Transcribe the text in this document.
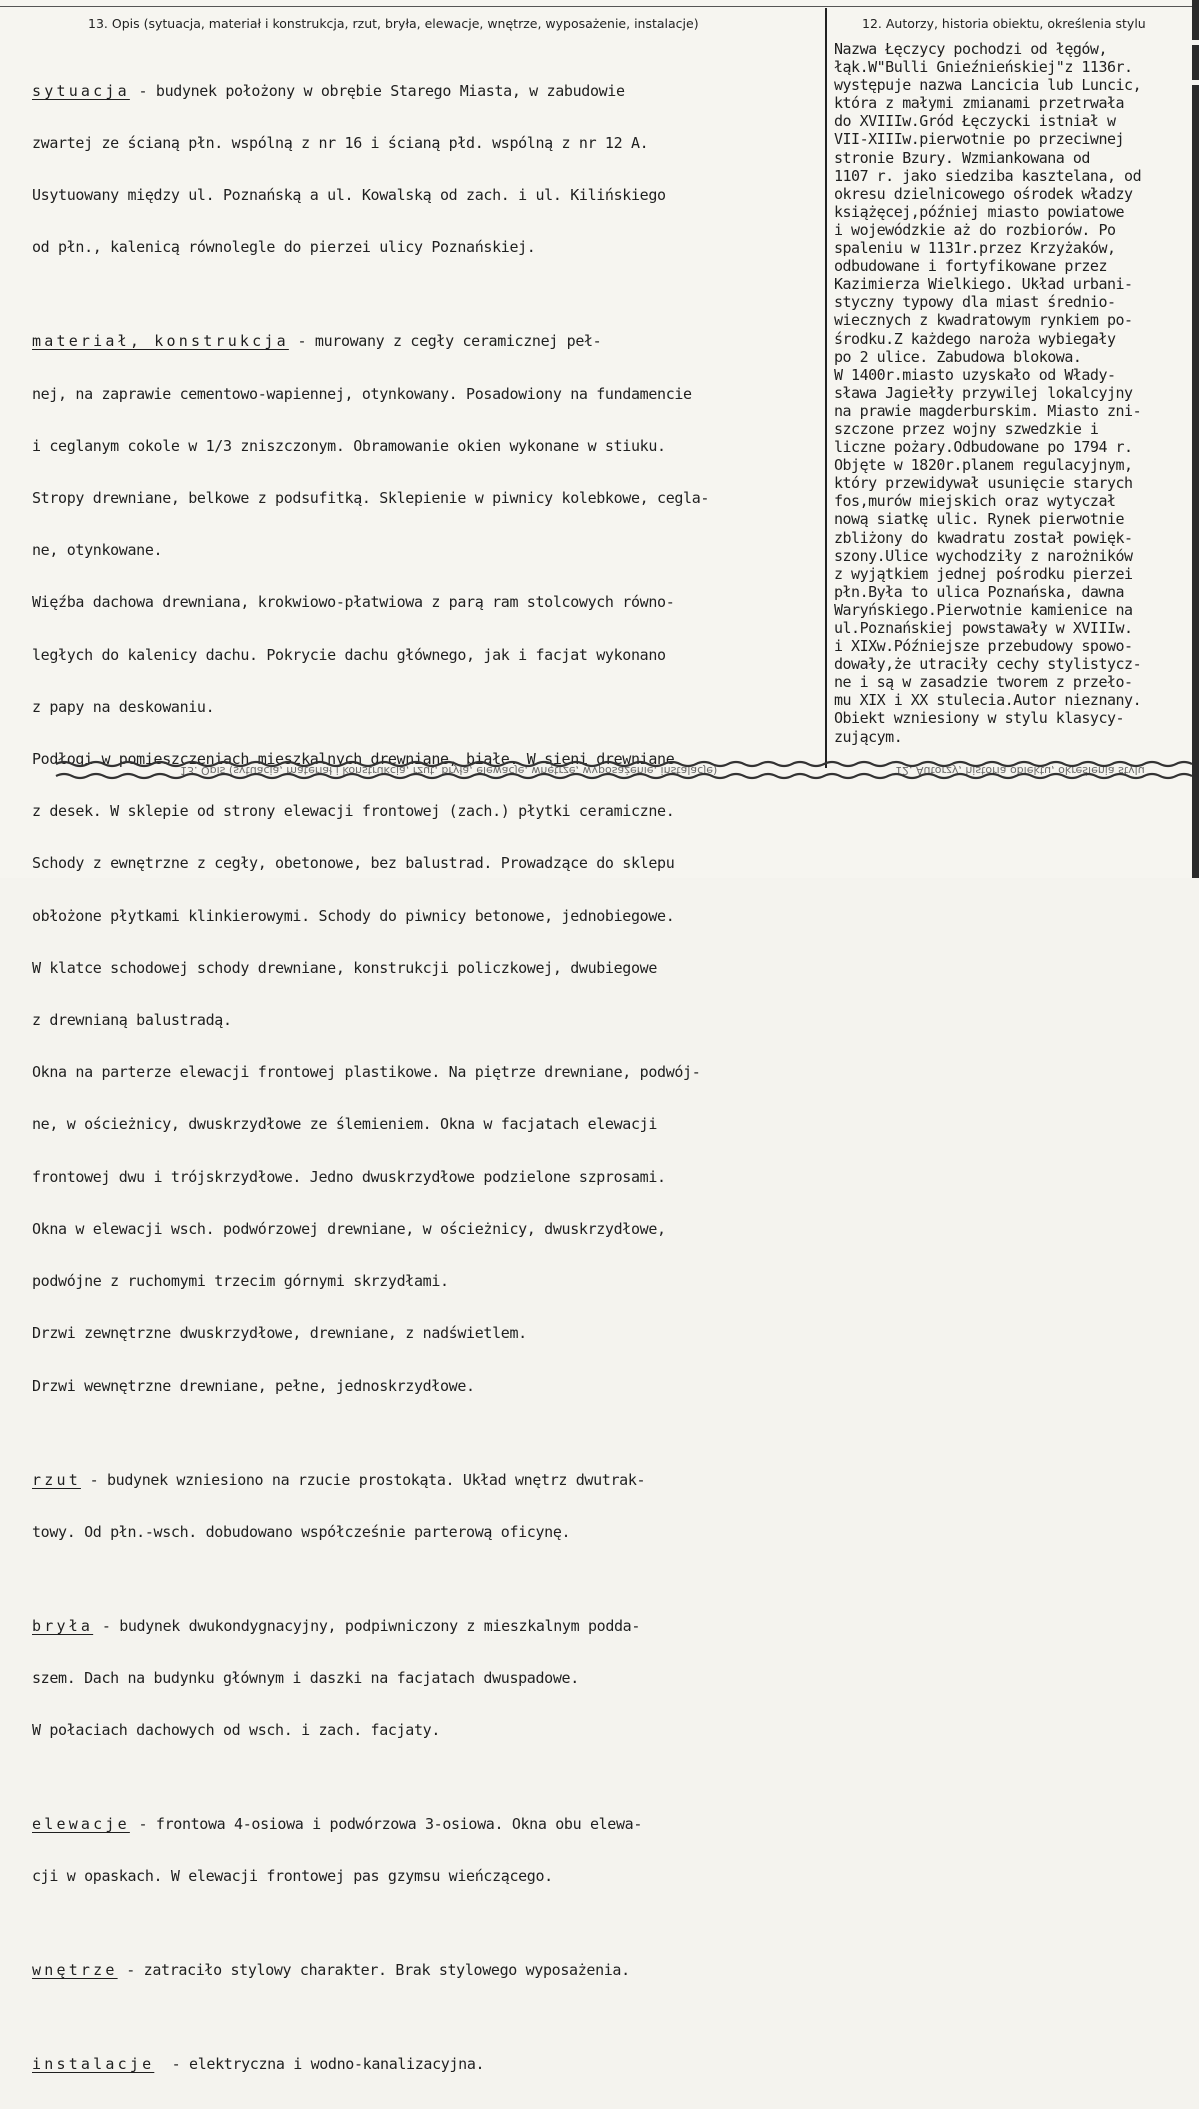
13. Opis (sytuacja, materiał i konstrukcja, rzut, bryła, elewacje, wnętrze, wyposażenie, instalacje)	12. Autorzy, historia obiektu, określenia stylu

sytuacja - budynek położony w obrębie Starego Miasta, w zabudowie

zwartej ze ścianą płn. wspólną z nr 16 i ścianą płd. wspólną z nr 12 A.

Usytuowany między ul. Poznańską a ul. Kowalską od zach. i ul. Kilińskiego

od płn., kalenicą równolegle do pierzei ulicy Poznańskiej.

materiał, konstrukcja - murowany z cegły ceramicznej peł-

nej, na zaprawie cementowo-wapiennej, otynkowany. Posadowiony na fundamencie

i ceglanym cokole w 1/3 zniszczonym. Obramowanie okien wykonane w stiuku.

Stropy drewniane, belkowe z podsufitką. Sklepienie w piwnicy kolebkowe, cegla-

ne, otynkowane.

Więźba dachowa drewniana, krokwiowo-płatwiowa z parą ram stolcowych równo-

ległych do kalenicy dachu. Pokrycie dachu głównego, jak i facjat wykonano

z papy na deskowaniu.

Podłogi w pomieszczeniach mieszkalnych drewniane, białe. W sieni drewniane

z desek. W sklepie od strony elewacji frontowej (zach.) płytki ceramiczne.

Schody z ewnętrzne z cegły, obetonowe, bez balustrad. Prowadzące do sklepu

obłożone płytkami klinkierowymi. Schody do piwnicy betonowe, jednobiegowe.

W klatce schodowej schody drewniane, konstrukcji policzkowej, dwubiegowe

z drewnianą balustradą.

Okna na parterze elewacji frontowej plastikowe. Na piętrze drewniane, podwój-

ne, w ościeżnicy, dwuskrzydłowe ze ślemieniem. Okna w facjatach elewacji

frontowej dwu i trójskrzydłowe. Jedno dwuskrzydłowe podzielone szprosami.

Okna w elewacji wsch. podwórzowej drewniane, w ościeżnicy, dwuskrzydłowe,

podwójne z ruchomymi trzecim górnymi skrzydłami.

Drzwi zewnętrzne dwuskrzydłowe, drewniane, z nadświetlem.

Drzwi wewnętrzne drewniane, pełne, jednoskrzydłowe.

rzut - budynek wzniesiono na rzucie prostokąta. Układ wnętrz dwutrak-

towy. Od płn.-wsch. dobudowano współcześnie parterową oficynę.

bryła - budynek dwukondygnacyjny, podpiwniczony z mieszkalnym podda-

szem. Dach na budynku głównym i daszki na facjatach dwuspadowe.

W połaciach dachowych od wsch. i zach. facjaty.

elewacje - frontowa 4-osiowa i podwórzowa 3-osiowa. Okna obu elewa-

cji w opaskach. W elewacji frontowej pas gzymsu wieńczącego.

wnętrze - zatraciło stylowy charakter. Brak stylowego wyposażenia.

instalacje  - elektryczna i wodno-kanalizacyjna.

Nazwa Łęczycy pochodzi od łęgów,
łąk.W"Bulli Gnieźnieńskiej"z 1136r.
występuje nazwa Lancicia lub Luncic,
która z małymi zmianami przetrwała
do XVIIIw.Gród Łęczycki istniał w
VII-XIIIw.pierwotnie po przeciwnej
stronie Bzury. Wzmiankowana od
1107 r. jako siedziba kasztelana, od
okresu dzielnicowego ośrodek władzy
książęcej,później miasto powiatowe
i wojewódzkie aż do rozbiorów. Po
spaleniu w 1131r.przez Krzyżaków,
odbudowane i fortyfikowane przez
Kazimierza Wielkiego. Układ urbani-
styczny typowy dla miast średnio-
wiecznych z kwadratowym rynkiem po-
środku.Z każdego naroża wybiegały
po 2 ulice. Zabudowa blokowa.
W 1400r.miasto uzyskało od Włady-
sława Jagiełły przywilej lokalcyjny
na prawie magderburskim. Miasto zni-
szczone przez wojny szwedzkie i
liczne pożary.Odbudowane po 1794 r.
Objęte w 1820r.planem regulacyjnym,
który przewidywał usunięcie starych
fos,murów miejskich oraz wytyczał
nową siatkę ulic. Rynek pierwotnie
zbliżony do kwadratu został powięk-
szony.Ulice wychodziły z narożników
z wyjątkiem jednej pośrodku pierzei
płn.Była to ulica Poznańska, dawna
Waryńskiego.Pierwotnie kamienice na
ul.Poznańskiej powstawały w XVIIIw.
i XIXw.Późniejsze przebudowy spowo-
dowały,że utraciły cechy stylistycz-
ne i są w zasadzie tworem z przeło-
mu XIX i XX stulecia.Autor nieznany.
Obiekt wzniesiony w stylu klasycy-
zującym.
13. Opis (sytuacja, materiał i konstrukcja, rzut, bryła, elewacje, wnętrze, wyposażenie, instalacje)	12. Autorzy, historia obiektu, określenia stylu
